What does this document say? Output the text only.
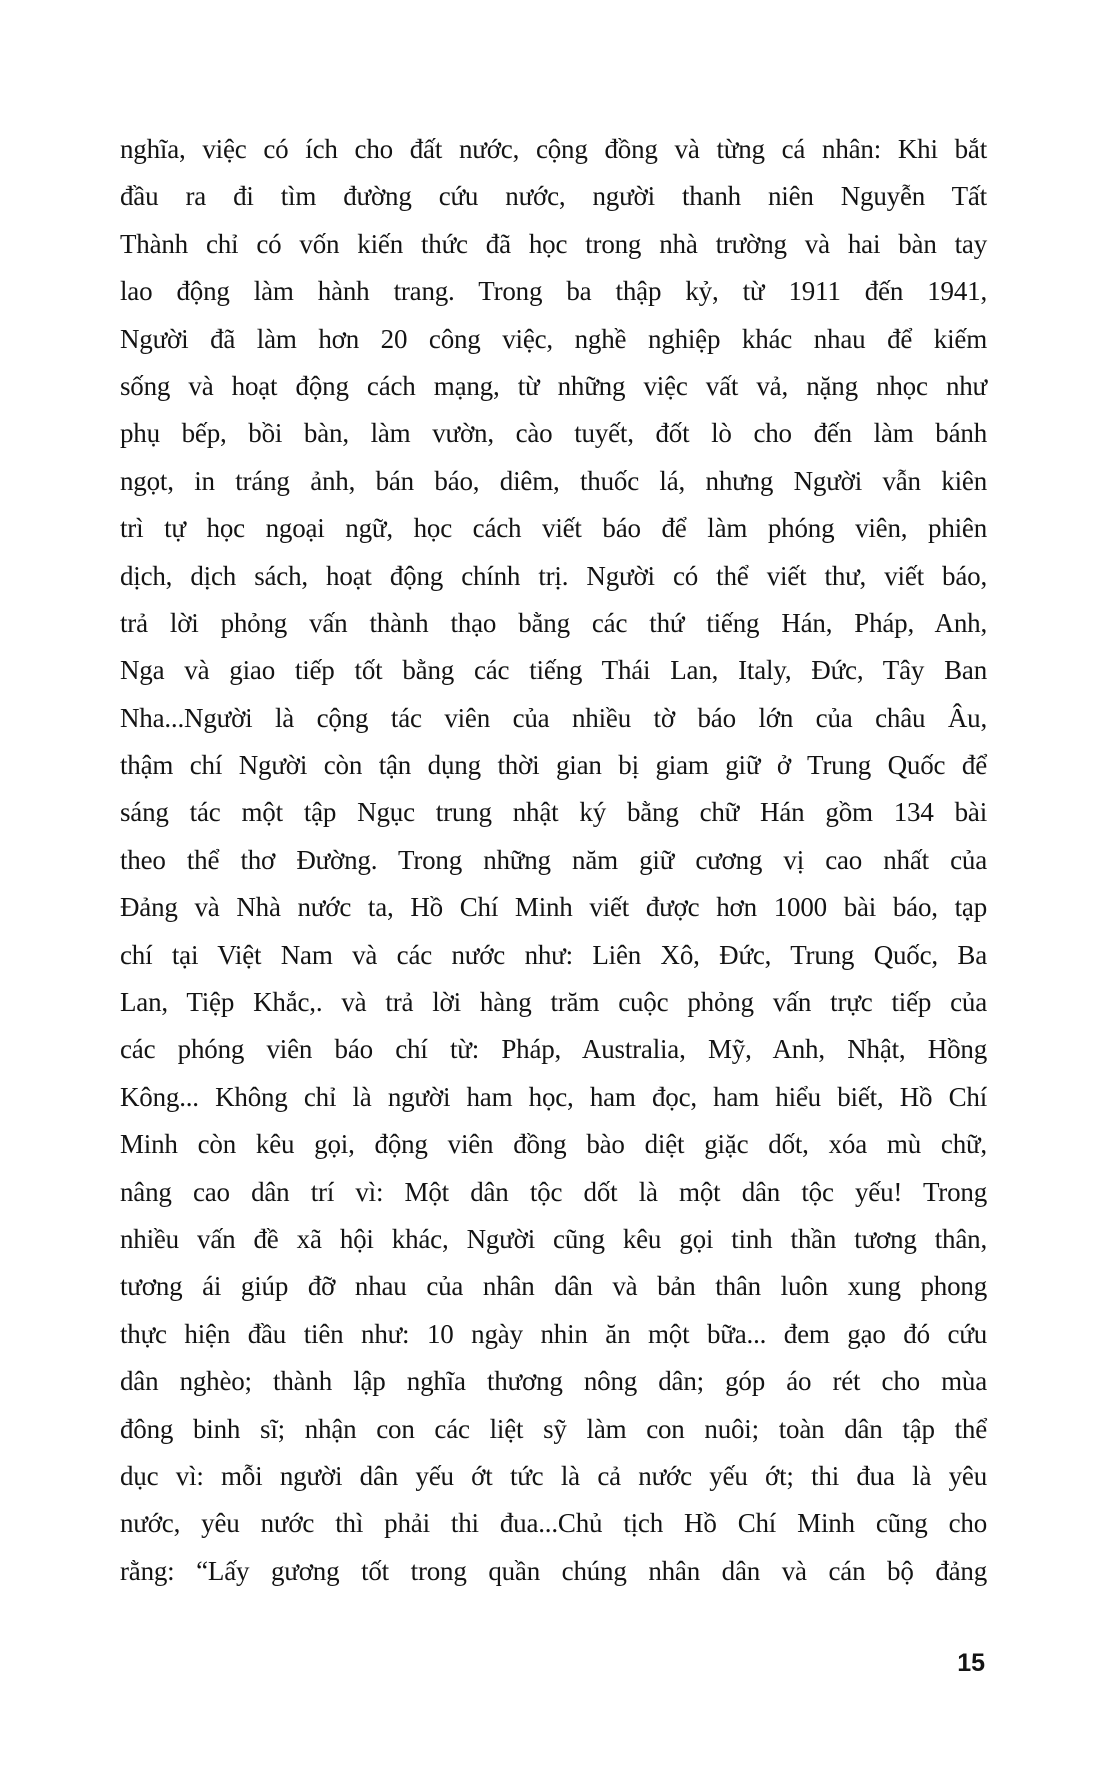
nghĩa, việc có ích cho đất nước, cộng đồng và từng cá nhân: Khi bắt
đầu ra đi tìm đường cứu nước, người thanh niên Nguyễn Tất
Thành chỉ có vốn kiến thức đã học trong nhà trường và hai bàn tay
lao động làm hành trang. Trong ba thập kỷ, từ 1911 đến 1941,
Người đã làm hơn 20 công việc, nghề nghiệp khác nhau để kiếm
sống và hoạt động cách mạng, từ những việc vất vả, nặng nhọc như
phụ bếp, bồi bàn, làm vườn, cào tuyết, đốt lò cho đến làm bánh
ngọt, in tráng ảnh, bán báo, diêm, thuốc lá, nhưng Người vẫn kiên
trì tự học ngoại ngữ, học cách viết báo để làm phóng viên, phiên
dịch, dịch sách, hoạt động chính trị. Người có thể viết thư, viết báo,
trả lời phỏng vấn thành thạo bằng các thứ tiếng Hán, Pháp, Anh,
Nga và giao tiếp tốt bằng các tiếng Thái Lan, Italy, Đức, Tây Ban
Nha...Người là cộng tác viên của nhiều tờ báo lớn của châu Âu,
thậm chí Người còn tận dụng thời gian bị giam giữ ở Trung Quốc để
sáng tác một tập Ngục trung nhật ký bằng chữ Hán gồm 134 bài
theo thể thơ Đường. Trong những năm giữ cương vị cao nhất của
Đảng và Nhà nước ta, Hồ Chí Minh viết được hơn 1000 bài báo, tạp
chí tại Việt Nam và các nước như: Liên Xô, Đức, Trung Quốc, Ba
Lan, Tiệp Khắc,. và trả lời hàng trăm cuộc phỏng vấn trực tiếp của
các phóng viên báo chí từ: Pháp, Australia, Mỹ, Anh, Nhật, Hồng
Kông... Không chỉ là người ham học, ham đọc, ham hiểu biết, Hồ Chí
Minh còn kêu gọi, động viên đồng bào diệt giặc dốt, xóa mù chữ,
nâng cao dân trí vì: Một dân tộc dốt là một dân tộc yếu! Trong
nhiều vấn đề xã hội khác, Người cũng kêu gọi tinh thần tương thân,
tương ái giúp đỡ nhau của nhân dân và bản thân luôn xung phong
thực hiện đầu tiên như: 10 ngày nhin ăn một bữa... đem gạo đó cứu
dân nghèo; thành lập nghĩa thương nông dân; góp áo rét cho mùa
đông binh sĩ; nhận con các liệt sỹ làm con nuôi; toàn dân tập thể
dục vì: mỗi người dân yếu ớt tức là cả nước yếu ớt; thi đua là yêu
nước, yêu nước thì phải thi đua...Chủ tịch Hồ Chí Minh cũng cho
rằng: “Lấy gương tốt trong quần chúng nhân dân và cán bộ đảng
15
